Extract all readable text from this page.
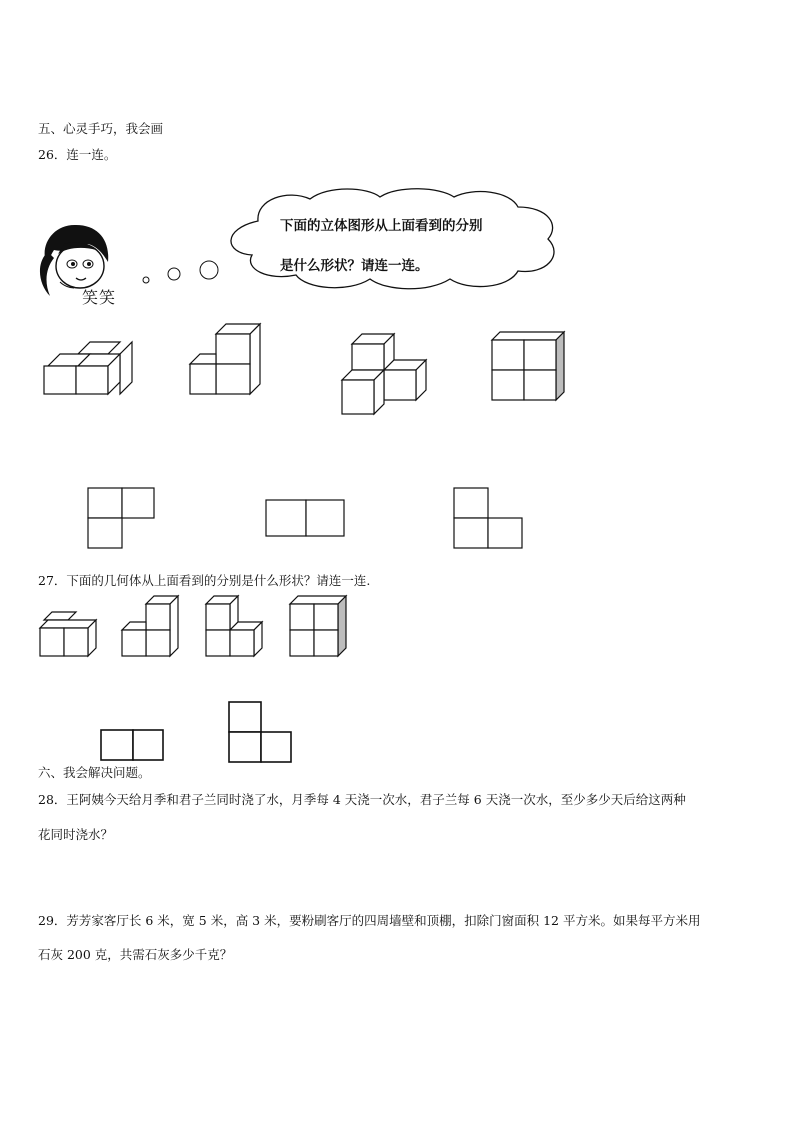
五、心灵手巧，我会画
26．连一连。
笑笑
下面的立体图形从上面看到的分别
是什么形状？请连一连。
27．下面的几何体从上面看到的分别是什么形状？请连一连.
六、我会解决问题。
28．王阿姨今天给月季和君子兰同时浇了水，月季每 4 天浇一次水，君子兰每 6 天浇一次水，至少多少天后给这两种
花同时浇水？
29．芳芳家客厅长 6 米，宽 5 米，高 3 米，要粉刷客厅的四周墙壁和顶棚，扣除门窗面积 12 平方米。如果每平方米用
石灰 200 克，共需石灰多少千克？
